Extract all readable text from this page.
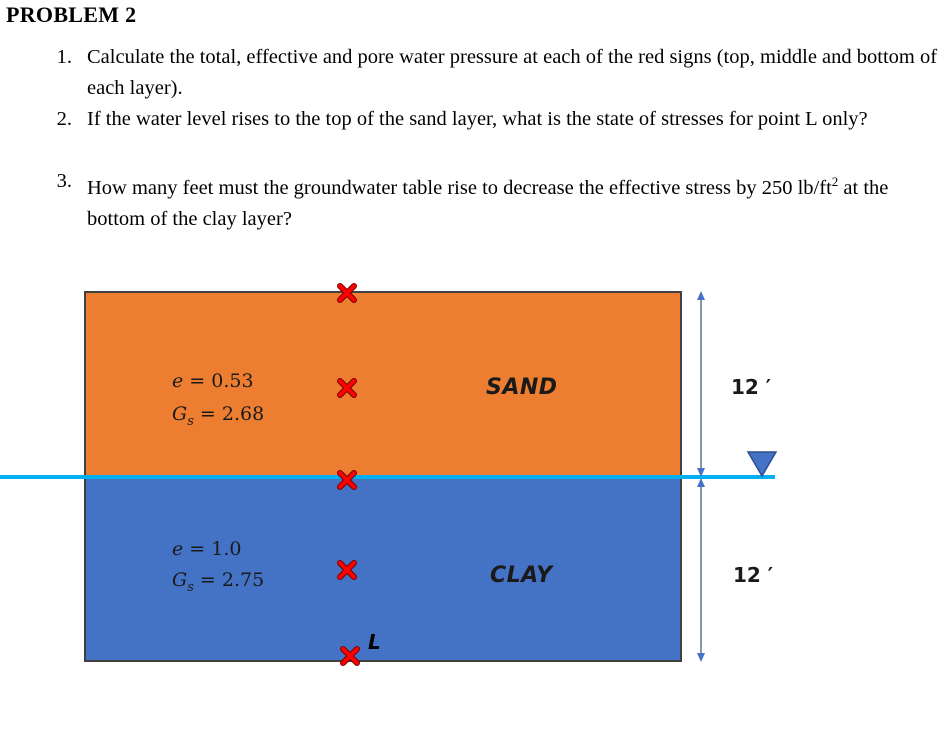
PROBLEM 2
1. Calculate the total, effective and pore water pressure at each of the red signs (top, middle and bottom of each layer).
2. If the water level rises to the top of the sand layer, what is the state of stresses for point L only?
3. How many feet must the groundwater table rise to decrease the effective stress by 250 $lb/ft^2$ at the bottom of the clay layer?
e = 0.53
$G_s = 2.68$
SAND	12 ′
e = 1.0
$G_s = 2.75$	CLAY	12 ′
L
